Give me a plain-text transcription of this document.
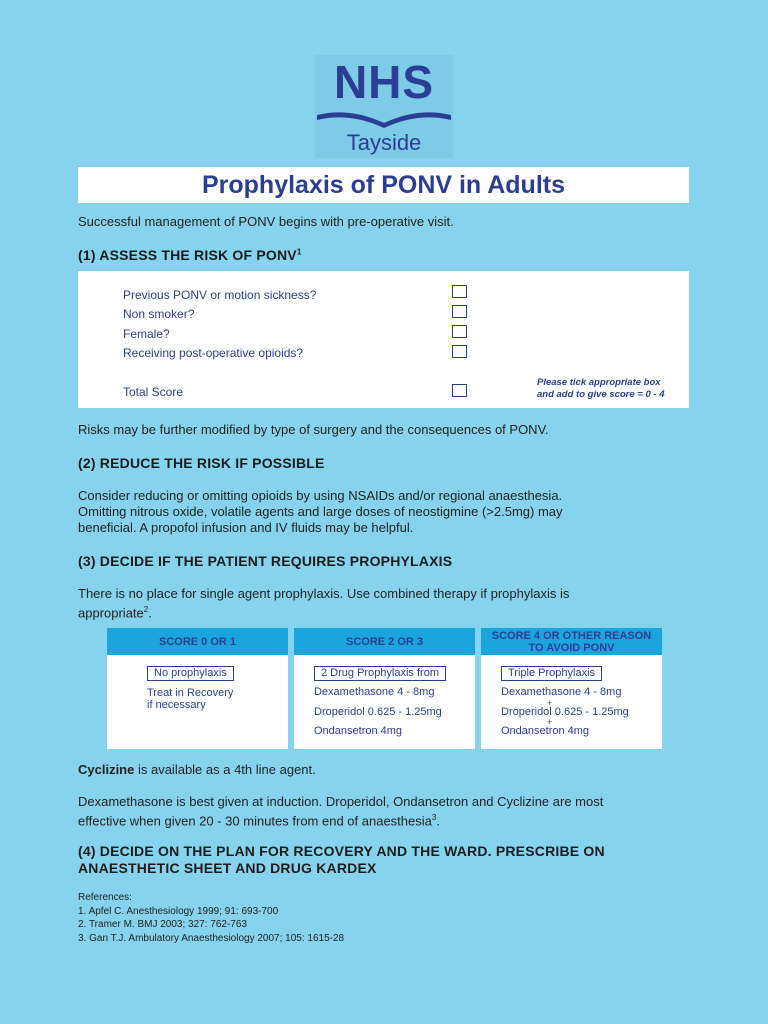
NHS
Tayside
Prophylaxis of PONV in Adults
Successful management of PONV begins with pre-operative visit.
(1) ASSESS THE RISK OF PONV$^1$
Previous PONV or motion sickness?
Non smoker?
Female?
Receiving post-operative opioids?
Total Score
Please tick appropriate box
and add to give score = 0 - 4
Risks may be further modified by type of surgery and the consequences of PONV.
(2) REDUCE THE RISK IF POSSIBLE
Consider reducing or omitting opioids by using NSAIDs and/or regional anaesthesia.
Omitting nitrous oxide, volatile agents and large doses of neostigmine (>2.5mg) may
beneficial. A propofol infusion and IV fluids may be helpful.
(3) DECIDE IF THE PATIENT REQUIRES PROPHYLAXIS
There is no place for single agent prophylaxis. Use combined therapy if prophylaxis is
appropriate$^2$.
SCORE 0 OR 1
No prophylaxis
Treat in Recovery
if necessary
SCORE 2 OR 3
2 Drug Prophylaxis from
Dexamethasone 4 - 8mg
Droperidol 0.625 - 1.25mg
Ondansetron 4mg
SCORE 4 OR OTHER REASON
TO AVOID PONV
Triple Prophylaxis
Dexamethasone 4 - 8mg
+
Droperidol 0.625 - 1.25mg
+
Ondansetron 4mg
Cyclizine is available as a 4th line agent.
Dexamethasone is best given at induction. Droperidol, Ondansetron and Cyclizine are most
effective when given 20 - 30 minutes from end of anaesthesia$^3$.
(4) DECIDE ON THE PLAN FOR RECOVERY AND THE WARD. PRESCRIBE ON
ANAESTHETIC SHEET AND DRUG KARDEX
References:
1. Apfel C. Anesthesiology 1999; 91: 693-700
2. Tramer M. BMJ 2003; 327: 762-763
3. Gan T.J. Ambulatory Anaesthesiology 2007; 105: 1615-28
